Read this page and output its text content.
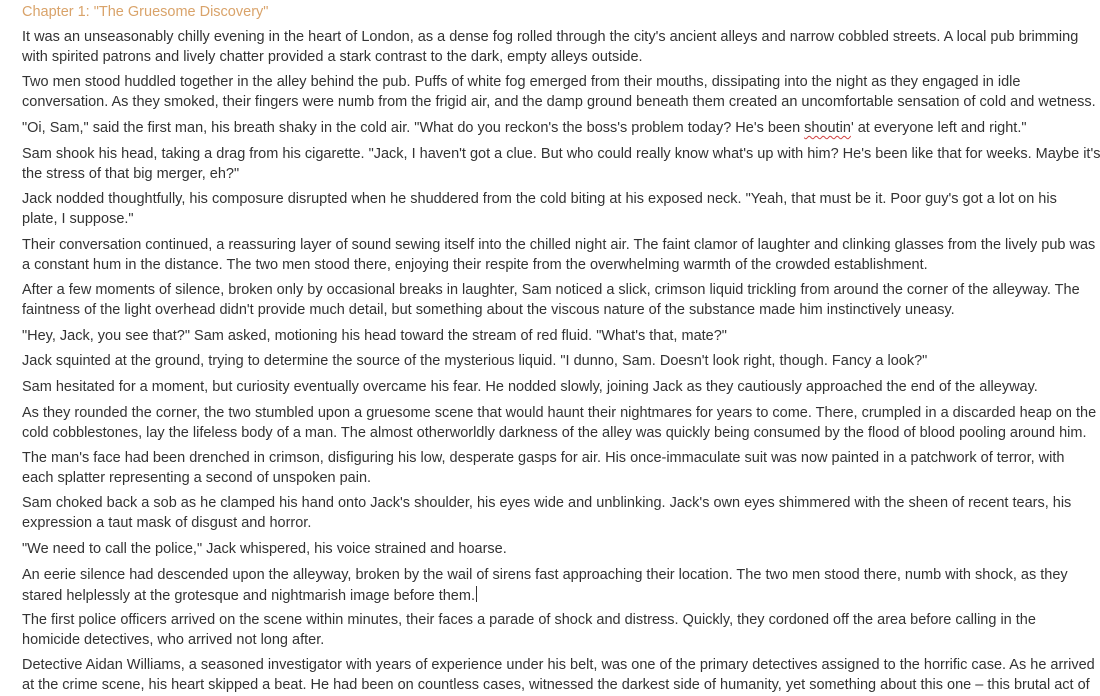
Chapter 1: "The Gruesome Discovery"

It was an unseasonably chilly evening in the heart of London, as a dense fog rolled through the city's ancient alleys and narrow cobbled streets. A local pub brimming
with spirited patrons and lively chatter provided a stark contrast to the dark, empty alleys outside.

Two men stood huddled together in the alley behind the pub. Puffs of white fog emerged from their mouths, dissipating into the night as they engaged in idle
conversation. As they smoked, their fingers were numb from the frigid air, and the damp ground beneath them created an uncomfortable sensation of cold and wetness.

"Oi, Sam," said the first man, his breath shaky in the cold air. "What do you reckon's the boss's problem today? He's been shoutin' at everyone left and right."

Sam shook his head, taking a drag from his cigarette. "Jack, I haven't got a clue. But who could really know what's up with him? He's been like that for weeks. Maybe it's
the stress of that big merger, eh?"

Jack nodded thoughtfully, his composure disrupted when he shuddered from the cold biting at his exposed neck. "Yeah, that must be it. Poor guy's got a lot on his
plate, I suppose."

Their conversation continued, a reassuring layer of sound sewing itself into the chilled night air. The faint clamor of laughter and clinking glasses from the lively pub was
a constant hum in the distance. The two men stood there, enjoying their respite from the overwhelming warmth of the crowded establishment.

After a few moments of silence, broken only by occasional breaks in laughter, Sam noticed a slick, crimson liquid trickling from around the corner of the alleyway. The
faintness of the light overhead didn't provide much detail, but something about the viscous nature of the substance made him instinctively uneasy.

"Hey, Jack, you see that?" Sam asked, motioning his head toward the stream of red fluid. "What's that, mate?"

Jack squinted at the ground, trying to determine the source of the mysterious liquid. "I dunno, Sam. Doesn't look right, though. Fancy a look?"

Sam hesitated for a moment, but curiosity eventually overcame his fear. He nodded slowly, joining Jack as they cautiously approached the end of the alleyway.

As they rounded the corner, the two stumbled upon a gruesome scene that would haunt their nightmares for years to come. There, crumpled in a discarded heap on the
cold cobblestones, lay the lifeless body of a man. The almost otherworldly darkness of the alley was quickly being consumed by the flood of blood pooling around him.

The man's face had been drenched in crimson, disfiguring his low, desperate gasps for air. His once-immaculate suit was now painted in a patchwork of terror, with
each splatter representing a second of unspoken pain.

Sam choked back a sob as he clamped his hand onto Jack's shoulder, his eyes wide and unblinking. Jack's own eyes shimmered with the sheen of recent tears, his
expression a taut mask of disgust and horror.

"We need to call the police," Jack whispered, his voice strained and hoarse.

An eerie silence had descended upon the alleyway, broken by the wail of sirens fast approaching their location. The two men stood there, numb with shock, as they
stared helplessly at the grotesque and nightmarish image before them.

The first police officers arrived on the scene within minutes, their faces a parade of shock and distress. Quickly, they cordoned off the area before calling in the
homicide detectives, who arrived not long after.

Detective Aidan Williams, a seasoned investigator with years of experience under his belt, was one of the primary detectives assigned to the horrific case. As he arrived
at the crime scene, his heart skipped a beat. He had been on countless cases, witnessed the darkest side of humanity, yet something about this one – this brutal act of
